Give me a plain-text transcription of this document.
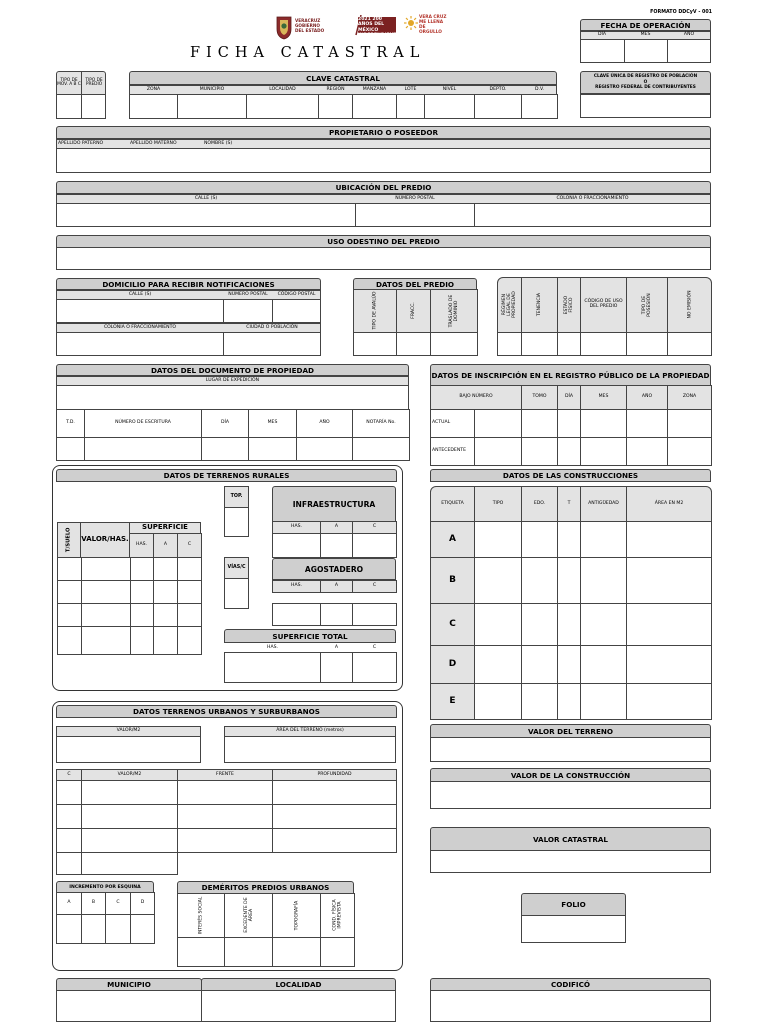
FORMATO DDCyV - 001
VERACRUZ GOBIERNO DEL ESTADO
2021 200 AÑOS DEL MÉXICO INDEPENDIENTE
VERA CRUZ ME LLENA DE ORGULLO
FICHA CATASTRAL
FECHA DE OPERACIÓN
DÍA	MES	AÑO
TIPO DE MOV. A B C
TIPO DE PREDIO
CLAVE CATASTRAL
ZONA	MUNICIPIO	LOCALIDAD	REGIÓN	MANZANA	LOTE	NIVEL	DEPTO.	D.V.
CLAVE ÚNICA DE REGISTRO DE POBLACIÓN
O
REGISTRO FEDERAL DE CONTRIBUYENTES
PROPIETARIO O POSEEDOR
APELLIDO PATERNO	APELLIDO MATERNO	NOMBRE (S)
UBICACIÓN DEL PREDIO
CALLE (S)	NÚMERO POSTAL	COLONIA O FRACCIONAMIENTO
USO ODESTINO DEL PREDIO
DOMICILIO PARA RECIBIR NOTIFICACIONES
CALLE (S)	NÚMERO POSTAL	CÓDIGO POSTAL
COLONIA O FRACCIONAMIENTO	CIUDAD O POBLACIÓN
DATOS DEL PREDIO
TIPO DE AVALÚO	FRACC.	TRASLADO DE DOMINIO	RÉGIMEN LEGAL DE PROPIEDAD	TENENCIA	ESTADO FÍSICO	CÓDIGO DE USO DEL PREDIO	TIPO DE POSESIÓN	NO EMISIÓN
DATOS DEL DOCUMENTO DE PROPIEDAD
LUGAR DE EXPEDICIÓN
T.D.	NÚMERO DE ESCRITURA	DÍA	MES	AÑO	NOTARÍA No.
DATOS DE INSCRIPCIÓN EN EL REGISTRO PÚBLICO DE LA PROPIEDAD
BAJO NÚMERO	TOMO	DÍA	MES	AÑO	ZONA
ACTUAL
ANTECEDENTE
DATOS DE TERRENOS RURALES
T/SUELO VALOR/HAS.
SUPERFICIE
HAS.	A	C
TOP.
VÍAS/C
INFRAESTRUCTURA
HAS.	A	C
AGOSTADERO
HAS.	A	C
SUPERFICIE TOTAL
HAS.	A	C
DATOS DE LAS CONSTRUCCIONES
ETIQUETA	TIPO	EDO.	T	ANTIGÜEDAD	ÁREA EN M2
A
B
C
D
E
DATOS TERRENOS URBANOS Y SURBURBANOS
VALOR/M2	ÁREA DEL TERRENO (metros)
C	VALOR/M2	FRENTE	PROFUNDIDAD
INCREMENTO POR ESQUINA
A	B	C	D
DEMÉRITOS PREDIOS URBANOS
INTERÉS SOCIAL	EXCEDENTE DE ÁREA	TOPOGRAFÍA	COND. FÍSICA IMPREVISTA
VALOR DEL TERRENO
VALOR DE LA CONSTRUCCIÓN
VALOR CATASTRAL
FOLIO
MUNICIPIO	LOCALIDAD	CODIFICÓ
